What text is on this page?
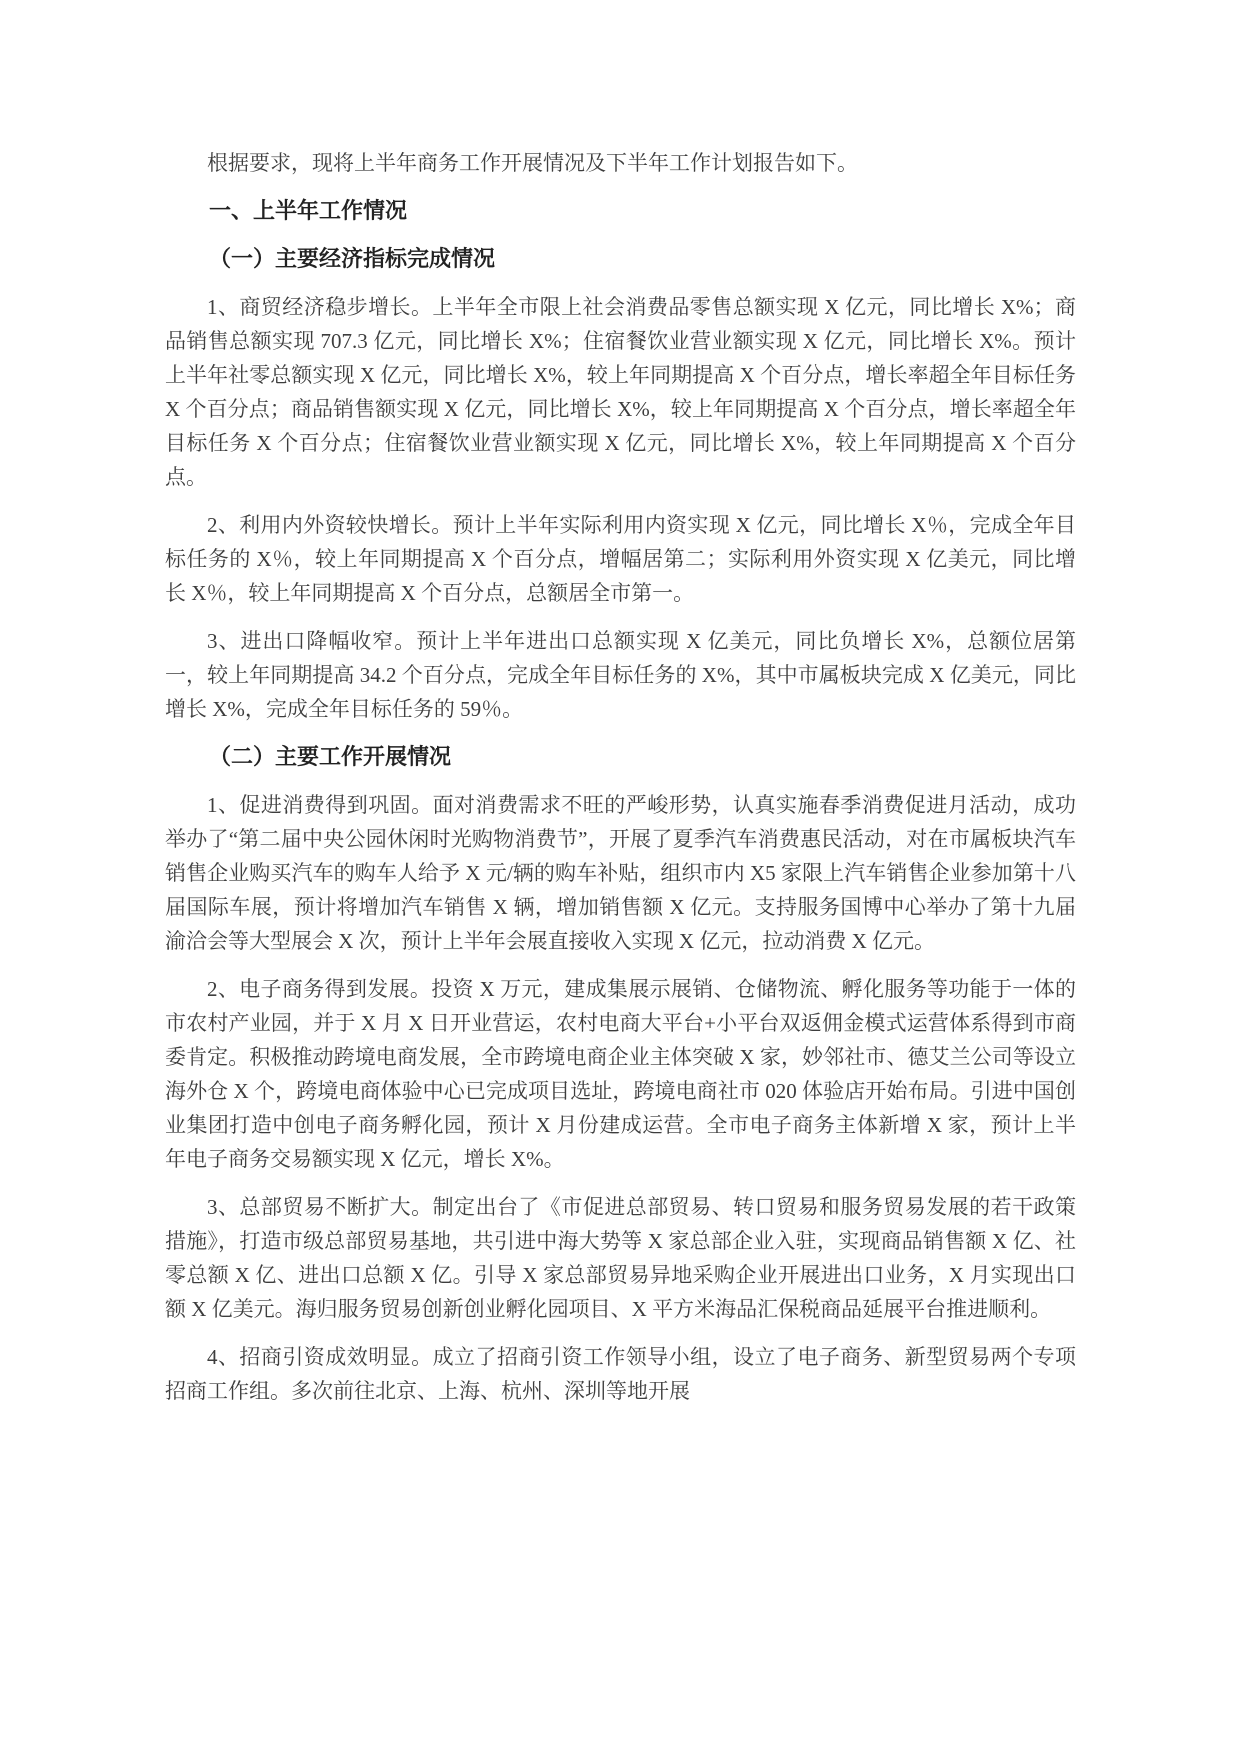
根据要求，现将上半年商务工作开展情况及下半年工作计划报告如下。

一、上半年工作情况
（一）主要经济指标完成情况

1、商贸经济稳步增长。上半年全市限上社会消费品零售总额实现 X 亿元，同比增长 X%；商品销售总额实现 707.3 亿元，同比增长 X%；住宿餐饮业营业额实现 X 亿元，同比增长 X%。预计上半年社零总额实现 X 亿元，同比增长 X%，较上年同期提高 X 个百分点，增长率超全年目标任务 X 个百分点；商品销售额实现 X 亿元，同比增长 X%，较上年同期提高 X 个百分点，增长率超全年目标任务 X 个百分点；住宿餐饮业营业额实现 X 亿元，同比增长 X%，较上年同期提高 X 个百分点。

2、利用内外资较快增长。预计上半年实际利用内资实现 X 亿元，同比增长 X％，完成全年目标任务的 X％，较上年同期提高 X 个百分点，增幅居第二；实际利用外资实现 X 亿美元，同比增长 X％，较上年同期提高 X 个百分点，总额居全市第一。

3、进出口降幅收窄。预计上半年进出口总额实现 X 亿美元，同比负增长 X%，总额位居第一，较上年同期提高 34.2 个百分点，完成全年目标任务的 X%，其中市属板块完成 X 亿美元，同比增长 X%，完成全年目标任务的 59％。

（二）主要工作开展情况

1、促进消费得到巩固。面对消费需求不旺的严峻形势，认真实施春季消费促进月活动，成功举办了“第二届中央公园休闲时光购物消费节”，开展了夏季汽车消费惠民活动，对在市属板块汽车销售企业购买汽车的购车人给予 X 元/辆的购车补贴，组织市内 X5 家限上汽车销售企业参加第十八届国际车展，预计将增加汽车销售 X 辆，增加销售额 X 亿元。支持服务国博中心举办了第十九届渝洽会等大型展会 X 次，预计上半年会展直接收入实现 X 亿元，拉动消费 X 亿元。

2、电子商务得到发展。投资 X 万元，建成集展示展销、仓储物流、孵化服务等功能于一体的市农村产业园，并于 X 月 X 日开业营运，农村电商大平台+小平台双返佣金模式运营体系得到市商委肯定。积极推动跨境电商发展，全市跨境电商企业主体突破 X 家，妙邻社市、德艾兰公司等设立海外仓 X 个，跨境电商体验中心已完成项目选址，跨境电商社市 020 体验店开始布局。引进中国创业集团打造中创电子商务孵化园，预计 X 月份建成运营。全市电子商务主体新增 X 家，预计上半年电子商务交易额实现 X 亿元，增长 X%。

3、总部贸易不断扩大。制定出台了《市促进总部贸易、转口贸易和服务贸易发展的若干政策措施》，打造市级总部贸易基地，共引进中海大势等 X 家总部企业入驻，实现商品销售额 X 亿、社零总额 X 亿、进出口总额 X 亿。引导 X 家总部贸易异地采购企业开展进出口业务，X 月实现出口额 X 亿美元。海归服务贸易创新创业孵化园项目、X 平方米海品汇保税商品延展平台推进顺利。

4、招商引资成效明显。成立了招商引资工作领导小组，设立了电子商务、新型贸易两个专项招商工作组。多次前往北京、上海、杭州、深圳等地开展
